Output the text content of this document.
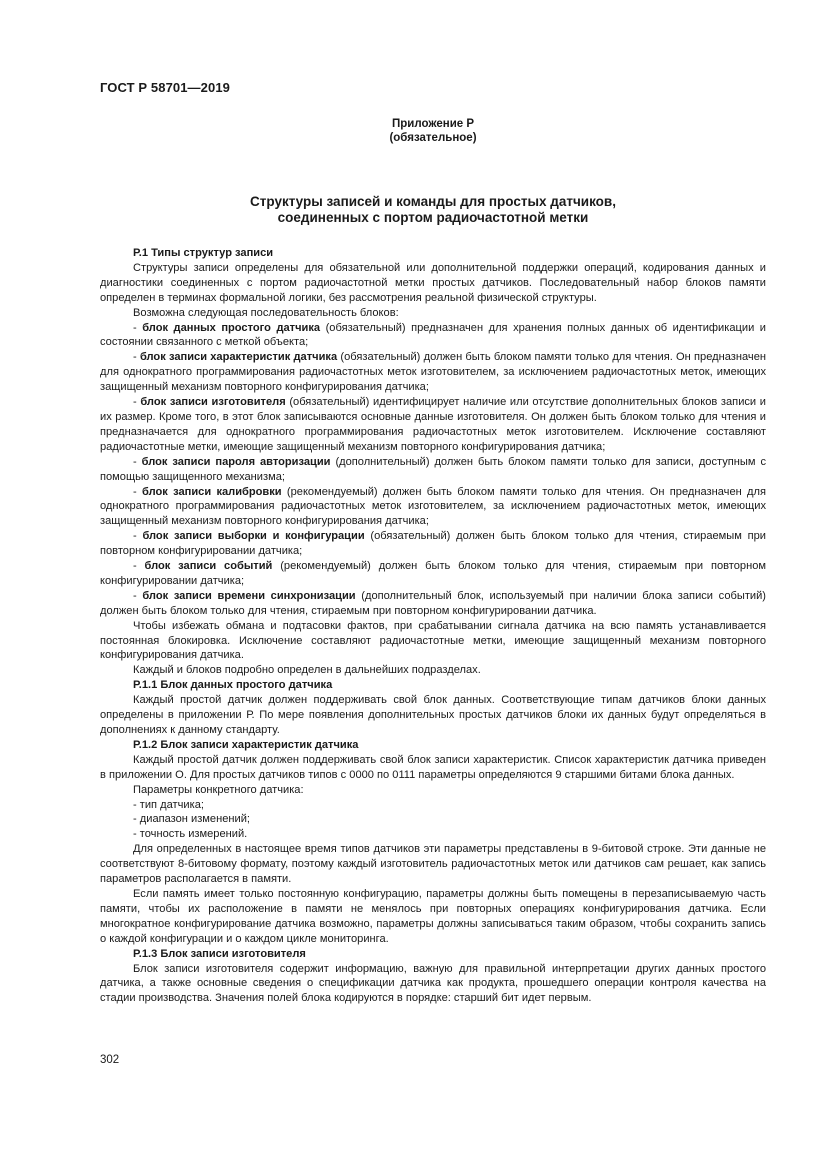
ГОСТ Р 58701—2019
Приложение Р
(обязательное)
Структуры записей и команды для простых датчиков,
соединенных с портом радиочастотной метки

Р.1 Типы структур записи

Структуры записи определены для обязательной или дополнительной поддержки операций, кодирования данных и диагностики соединенных с портом радиочастотной метки простых датчиков. Последовательный набор блоков памяти определен в терминах формальной логики, без рассмотрения реальной физической структуры.

Возможна следующая последовательность блоков:

- блок данных простого датчика (обязательный) предназначен для хранения полных данных об идентификации и состоянии связанного с меткой объекта;

- блок записи характеристик датчика (обязательный) должен быть блоком памяти только для чтения. Он предназначен для однократного программирования радиочастотных меток изготовителем, за исключением радиочастотных меток, имеющих защищенный механизм повторного конфигурирования датчика;

- блок записи изготовителя (обязательный) идентифицирует наличие или отсутствие дополнительных блоков записи и их размер. Кроме того, в этот блок записываются основные данные изготовителя. Он должен быть блоком только для чтения и предназначается для однократного программирования радиочастотных меток изготовителем. Исключение составляют радиочастотные метки, имеющие защищенный механизм повторного конфигурирования датчика;

- блок записи пароля авторизации (дополнительный) должен быть блоком памяти только для записи, доступным с помощью защищенного механизма;

- блок записи калибровки (рекомендуемый) должен быть блоком памяти только для чтения. Он предназначен для однократного программирования радиочастотных меток изготовителем, за исключением радиочастотных меток, имеющих защищенный механизм повторного конфигурирования датчика;

- блок записи выборки и конфигурации (обязательный) должен быть блоком только для чтения, стираемым при повторном конфигурировании датчика;

- блок записи событий (рекомендуемый) должен быть блоком только для чтения, стираемым при повторном конфигурировании датчика;

- блок записи времени синхронизации (дополнительный блок, используемый при наличии блока записи событий) должен быть блоком только для чтения, стираемым при повторном конфигурировании датчика.

Чтобы избежать обмана и подтасовки фактов, при срабатывании сигнала датчика на всю память устанавливается постоянная блокировка. Исключение составляют радиочастотные метки, имеющие защищенный механизм повторного конфигурирования датчика.

Каждый и блоков подробно определен в дальнейших подразделах.

Р.1.1 Блок данных простого датчика

Каждый простой датчик должен поддерживать свой блок данных. Соответствующие типам датчиков блоки данных определены в приложении Р. По мере появления дополнительных простых датчиков блоки их данных будут определяться в дополнениях к данному стандарту.

Р.1.2 Блок записи характеристик датчика

Каждый простой датчик должен поддерживать свой блок записи характеристик. Список характеристик датчика приведен в приложении О. Для простых датчиков типов с 0000 по 0111 параметры определяются 9 старшими битами блока данных.

Параметры конкретного датчика:

- тип датчика;

- диапазон изменений;

- точность измерений.

Для определенных в настоящее время типов датчиков эти параметры представлены в 9-битовой строке. Эти данные не соответствуют 8-битовому формату, поэтому каждый изготовитель радиочастотных меток или датчиков сам решает, как запись параметров располагается в памяти.

Если память имеет только постоянную конфигурацию, параметры должны быть помещены в перезаписываемую часть памяти, чтобы их расположение в памяти не менялось при повторных операциях конфигурирования датчика. Если многократное конфигурирование датчика возможно, параметры должны записываться таким образом, чтобы сохранить запись о каждой конфигурации и о каждом цикле мониторинга.

Р.1.3 Блок записи изготовителя

Блок записи изготовителя содержит информацию, важную для правильной интерпретации других данных простого датчика, а также основные сведения о спецификации датчика как продукта, прошедшего операции контроля качества на стадии производства. Значения полей блока кодируются в порядке: старший бит идет первым.

302
